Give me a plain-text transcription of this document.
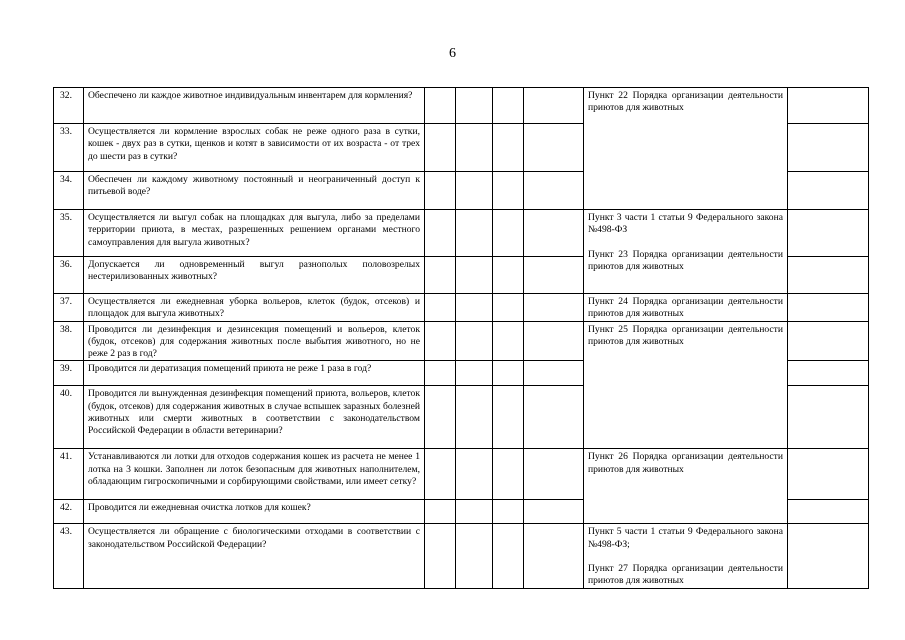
6
32.	Обеспечено ли каждое животное индивидуальным инвентарем для кормления?					Пункт 22 Порядка организации деятельности приютов для животных	
33.	Осуществляется ли кормление взрослых собак не реже одного раза в сутки, кошек - двух раз в сутки, щенков и котят в зависимости от их возраста - от трех до шести раз в сутки?						
34.	Обеспечен ли каждому животному постоянный и неограниченный доступ к питьевой воде?						
35.	Осуществляется ли выгул собак на площадках для выгула, либо за пределами территории приюта, в местах, разрешенных решением органами местного самоуправления для выгула животных?					Пункт 3 части 1 статьи 9 Федерального закона №498-ФЗ
Пункт 23 Порядка организации деятельности приютов для животных	
36.	Допускается ли одновременный выгул разнополых половозрелых нестерилизованных животных?						
37.	Осуществляется ли ежедневная уборка вольеров, клеток (будок, отсеков) и площадок для выгула животных?					Пункт 24 Порядка организации деятельности приютов для животных	
38.	Проводится ли дезинфекция и дезинсекция помещений и вольеров, клеток (будок, отсеков) для содержания животных после выбытия животного, но не реже 2 раз в год?					Пункт 25 Порядка организации деятельности приютов для животных	
39.	Проводится ли дератизация помещений приюта не реже 1 раза в год?						
40.	Проводится ли вынужденная дезинфекция помещений приюта, вольеров, клеток (будок, отсеков) для содержания животных в случае вспышек заразных болезней животных или смерти животных в соответствии с законодательством Российской Федерации в области ветеринарии?						
41.	Устанавливаются ли лотки для отходов содержания кошек из расчета не менее 1 лотка на 3 кошки. Заполнен ли лоток безопасным для животных наполнителем, обладающим гигроскопичными и сорбирующими свойствами, или имеет сетку?					Пункт 26 Порядка организации деятельности приютов для животных	
42.	Проводится ли ежедневная очистка лотков для кошек?						
43.	Осуществляется ли обращение с биологическими отходами в соответствии с законодательством Российской Федерации?					Пункт 5 части 1 статьи 9 Федерального закона №498-ФЗ;
Пункт 27 Порядка организации деятельности приютов для животных	
